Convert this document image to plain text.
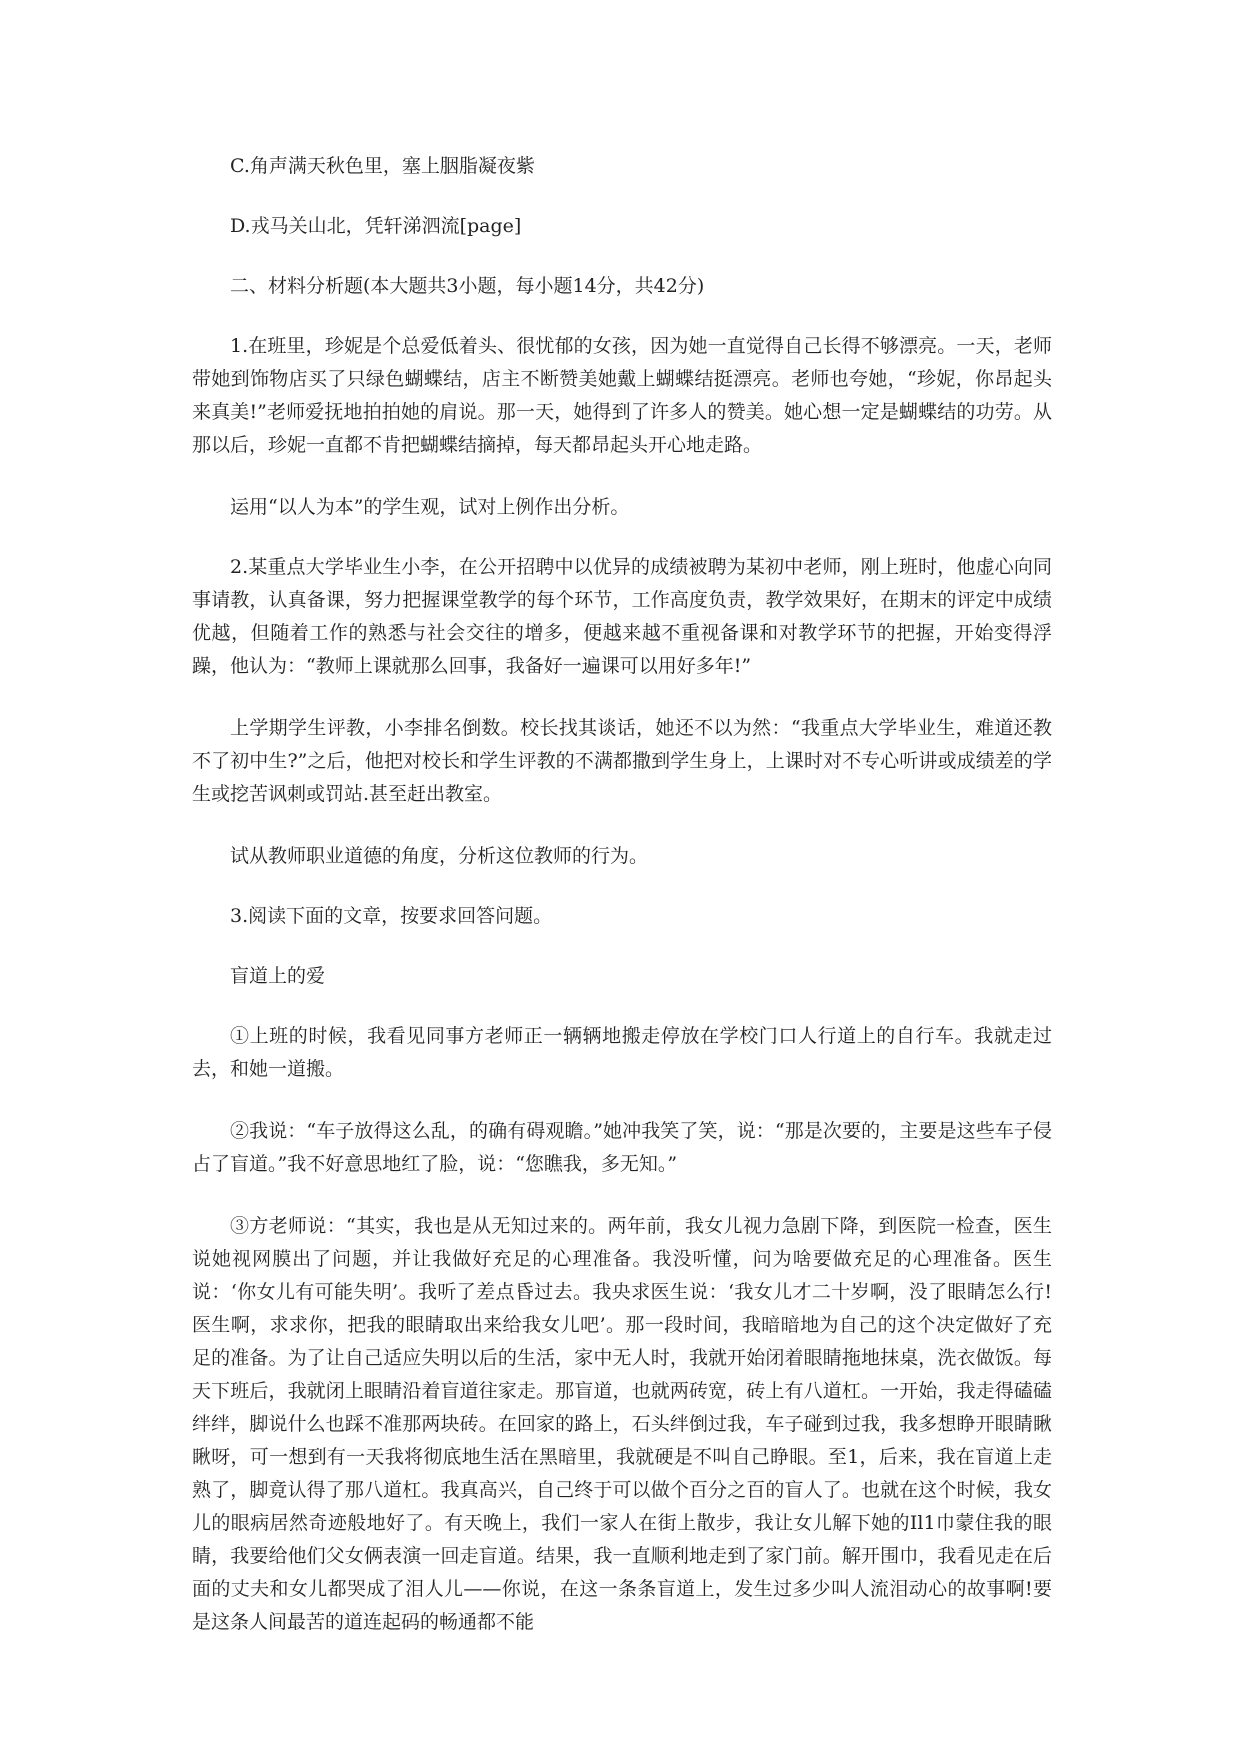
C.角声满天秋色里，塞上胭脂凝夜紫

D.戎马关山北，凭轩涕泗流[page]

二、材料分析题(本大题共3小题，每小题14分，共42分)

1.在班里，珍妮是个总爱低着头、很忧郁的女孩，因为她一直觉得自己长得不够漂亮。一天，老师带她到饰物店买了只绿色蝴蝶结，店主不断赞美她戴上蝴蝶结挺漂亮。老师也夸她，“珍妮，你昂起头来真美!”老师爱抚地拍拍她的肩说。那一天，她得到了许多人的赞美。她心想一定是蝴蝶结的功劳。从那以后，珍妮一直都不肯把蝴蝶结摘掉，每天都昂起头开心地走路。

运用“以人为本”的学生观，试对上例作出分析。

2.某重点大学毕业生小李，在公开招聘中以优异的成绩被聘为某初中老师，刚上班时，他虚心向同事请教，认真备课，努力把握课堂教学的每个环节，工作高度负责，教学效果好，在期末的评定中成绩优越，但随着工作的熟悉与社会交往的增多，便越来越不重视备课和对教学环节的把握，开始变得浮躁，他认为：“教师上课就那么回事，我备好一遍课可以用好多年!”

上学期学生评教，小李排名倒数。校长找其谈话，她还不以为然：“我重点大学毕业生，难道还教不了初中生?”之后，他把对校长和学生评教的不满都撒到学生身上，上课时对不专心听讲或成绩差的学生或挖苦讽刺或罚站.甚至赶出教室。

试从教师职业道德的角度，分析这位教师的行为。

3.阅读下面的文章，按要求回答问题。

盲道上的爱

①上班的时候，我看见同事方老师正一辆辆地搬走停放在学校门口人行道上的自行车。我就走过去，和她一道搬。

②我说：“车子放得这么乱，的确有碍观瞻。”她冲我笑了笑，说：“那是次要的，主要是这些车子侵占了盲道。”我不好意思地红了脸，说：“您瞧我，多无知。”

③方老师说：“其实，我也是从无知过来的。两年前，我女儿视力急剧下降，到医院一检查，医生说她视网膜出了问题，并让我做好充足的心理准备。我没听懂，问为啥要做充足的心理准备。医生说：‘你女儿有可能失明’。我听了差点昏过去。我央求医生说：‘我女儿才二十岁啊，没了眼睛怎么行!医生啊，求求你，把我的眼睛取出来给我女儿吧’。那一段时间，我暗暗地为自己的这个决定做好了充足的准备。为了让自己适应失明以后的生活，家中无人时，我就开始闭着眼睛拖地抹桌，洗衣做饭。每天下班后，我就闭上眼睛沿着盲道往家走。那盲道，也就两砖宽，砖上有八道杠。一开始，我走得磕磕绊绊，脚说什么也踩不准那两块砖。在回家的路上，石头绊倒过我，车子碰到过我，我多想睁开眼睛瞅瞅呀，可一想到有一天我将彻底地生活在黑暗里，我就硬是不叫自己睁眼。至1，后来，我在盲道上走熟了，脚竟认得了那八道杠。我真高兴，自己终于可以做个百分之百的盲人了。也就在这个时候，我女儿的眼病居然奇迹般地好了。有天晚上，我们一家人在街上散步，我让女儿解下她的Il1巾蒙住我的眼睛，我要给他们父女俩表演一回走盲道。结果，我一直顺利地走到了家门前。解开围巾，我看见走在后面的丈夫和女儿都哭成了泪人儿——你说，在这一条条盲道上，发生过多少叫人流泪动心的故事啊!要是这条人间最苦的道连起码的畅通都不能
